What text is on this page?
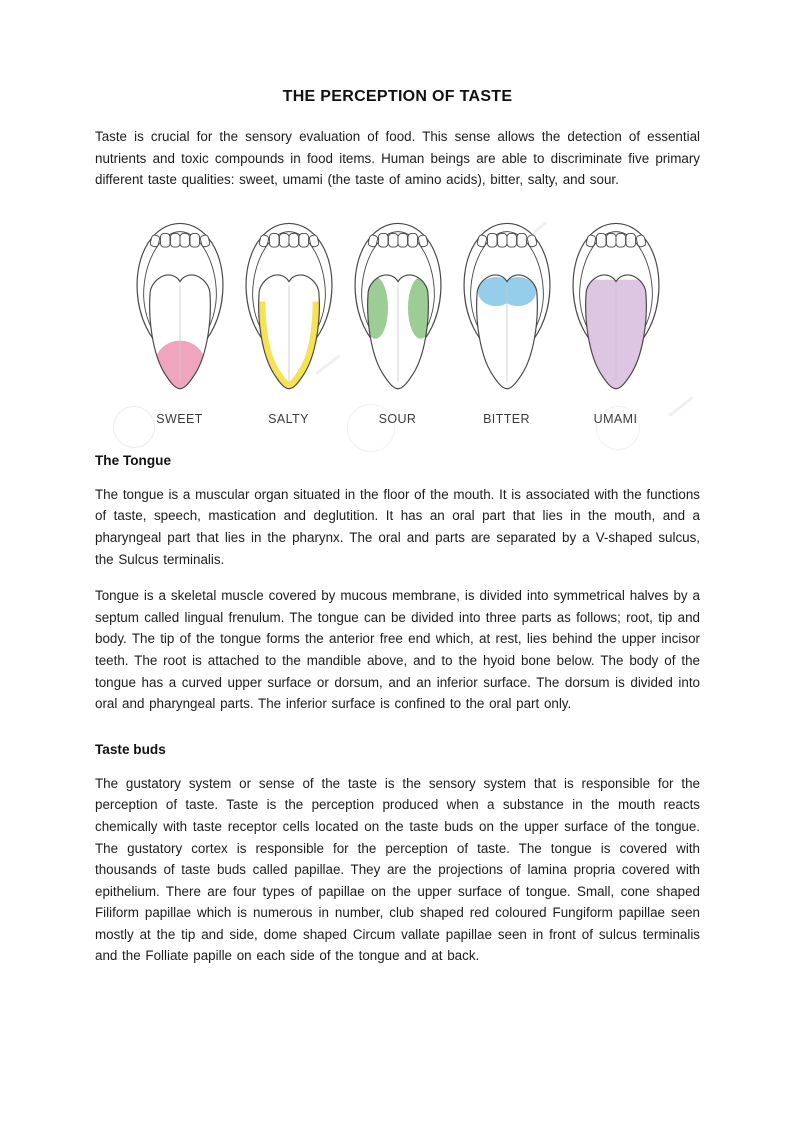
THE PERCEPTION OF TASTE

Taste is crucial for the sensory evaluation of food. This sense allows the detection of essential nutrients and toxic compounds in food items. Human beings are able to discriminate five primary different taste qualities: sweet, umami (the taste of amino acids), bitter, salty, and sour.

SWEET	SALTY	SOUR	BITTER	UMAMI
The Tongue

The tongue is a muscular organ situated in the floor of the mouth. It is associated with the functions of taste, speech, mastication and deglutition. It has an oral part that lies in the mouth, and a pharyngeal part that lies in the pharynx. The oral and parts are separated by a V-shaped sulcus, the Sulcus terminalis.

Tongue is a skeletal muscle covered by mucous membrane, is divided into symmetrical halves by a septum called lingual frenulum. The tongue can be divided into three parts as follows; root, tip and body. The tip of the tongue forms the anterior free end which, at rest, lies behind the upper incisor teeth. The root is attached to the mandible above, and to the hyoid bone below. The body of the tongue has a curved upper surface or dorsum, and an inferior surface. The dorsum is divided into oral and pharyngeal parts. The inferior surface is confined to the oral part only.

Taste buds

The gustatory system or sense of the taste is the sensory system that is responsible for the perception of taste. Taste is the perception produced when a substance in the mouth reacts chemically with taste receptor cells located on the taste buds on the upper surface of the tongue. The gustatory cortex is responsible for the perception of taste. The tongue is covered with thousands of taste buds called papillae. They are the projections of lamina propria covered with epithelium. There are four types of papillae on the upper surface of tongue. Small, cone shaped Filiform papillae which is numerous in number, club shaped red coloured Fungiform papillae seen mostly at the tip and side, dome shaped Circum vallate papillae seen in front of sulcus terminalis and the Folliate papille on each side of the tongue and at back.
